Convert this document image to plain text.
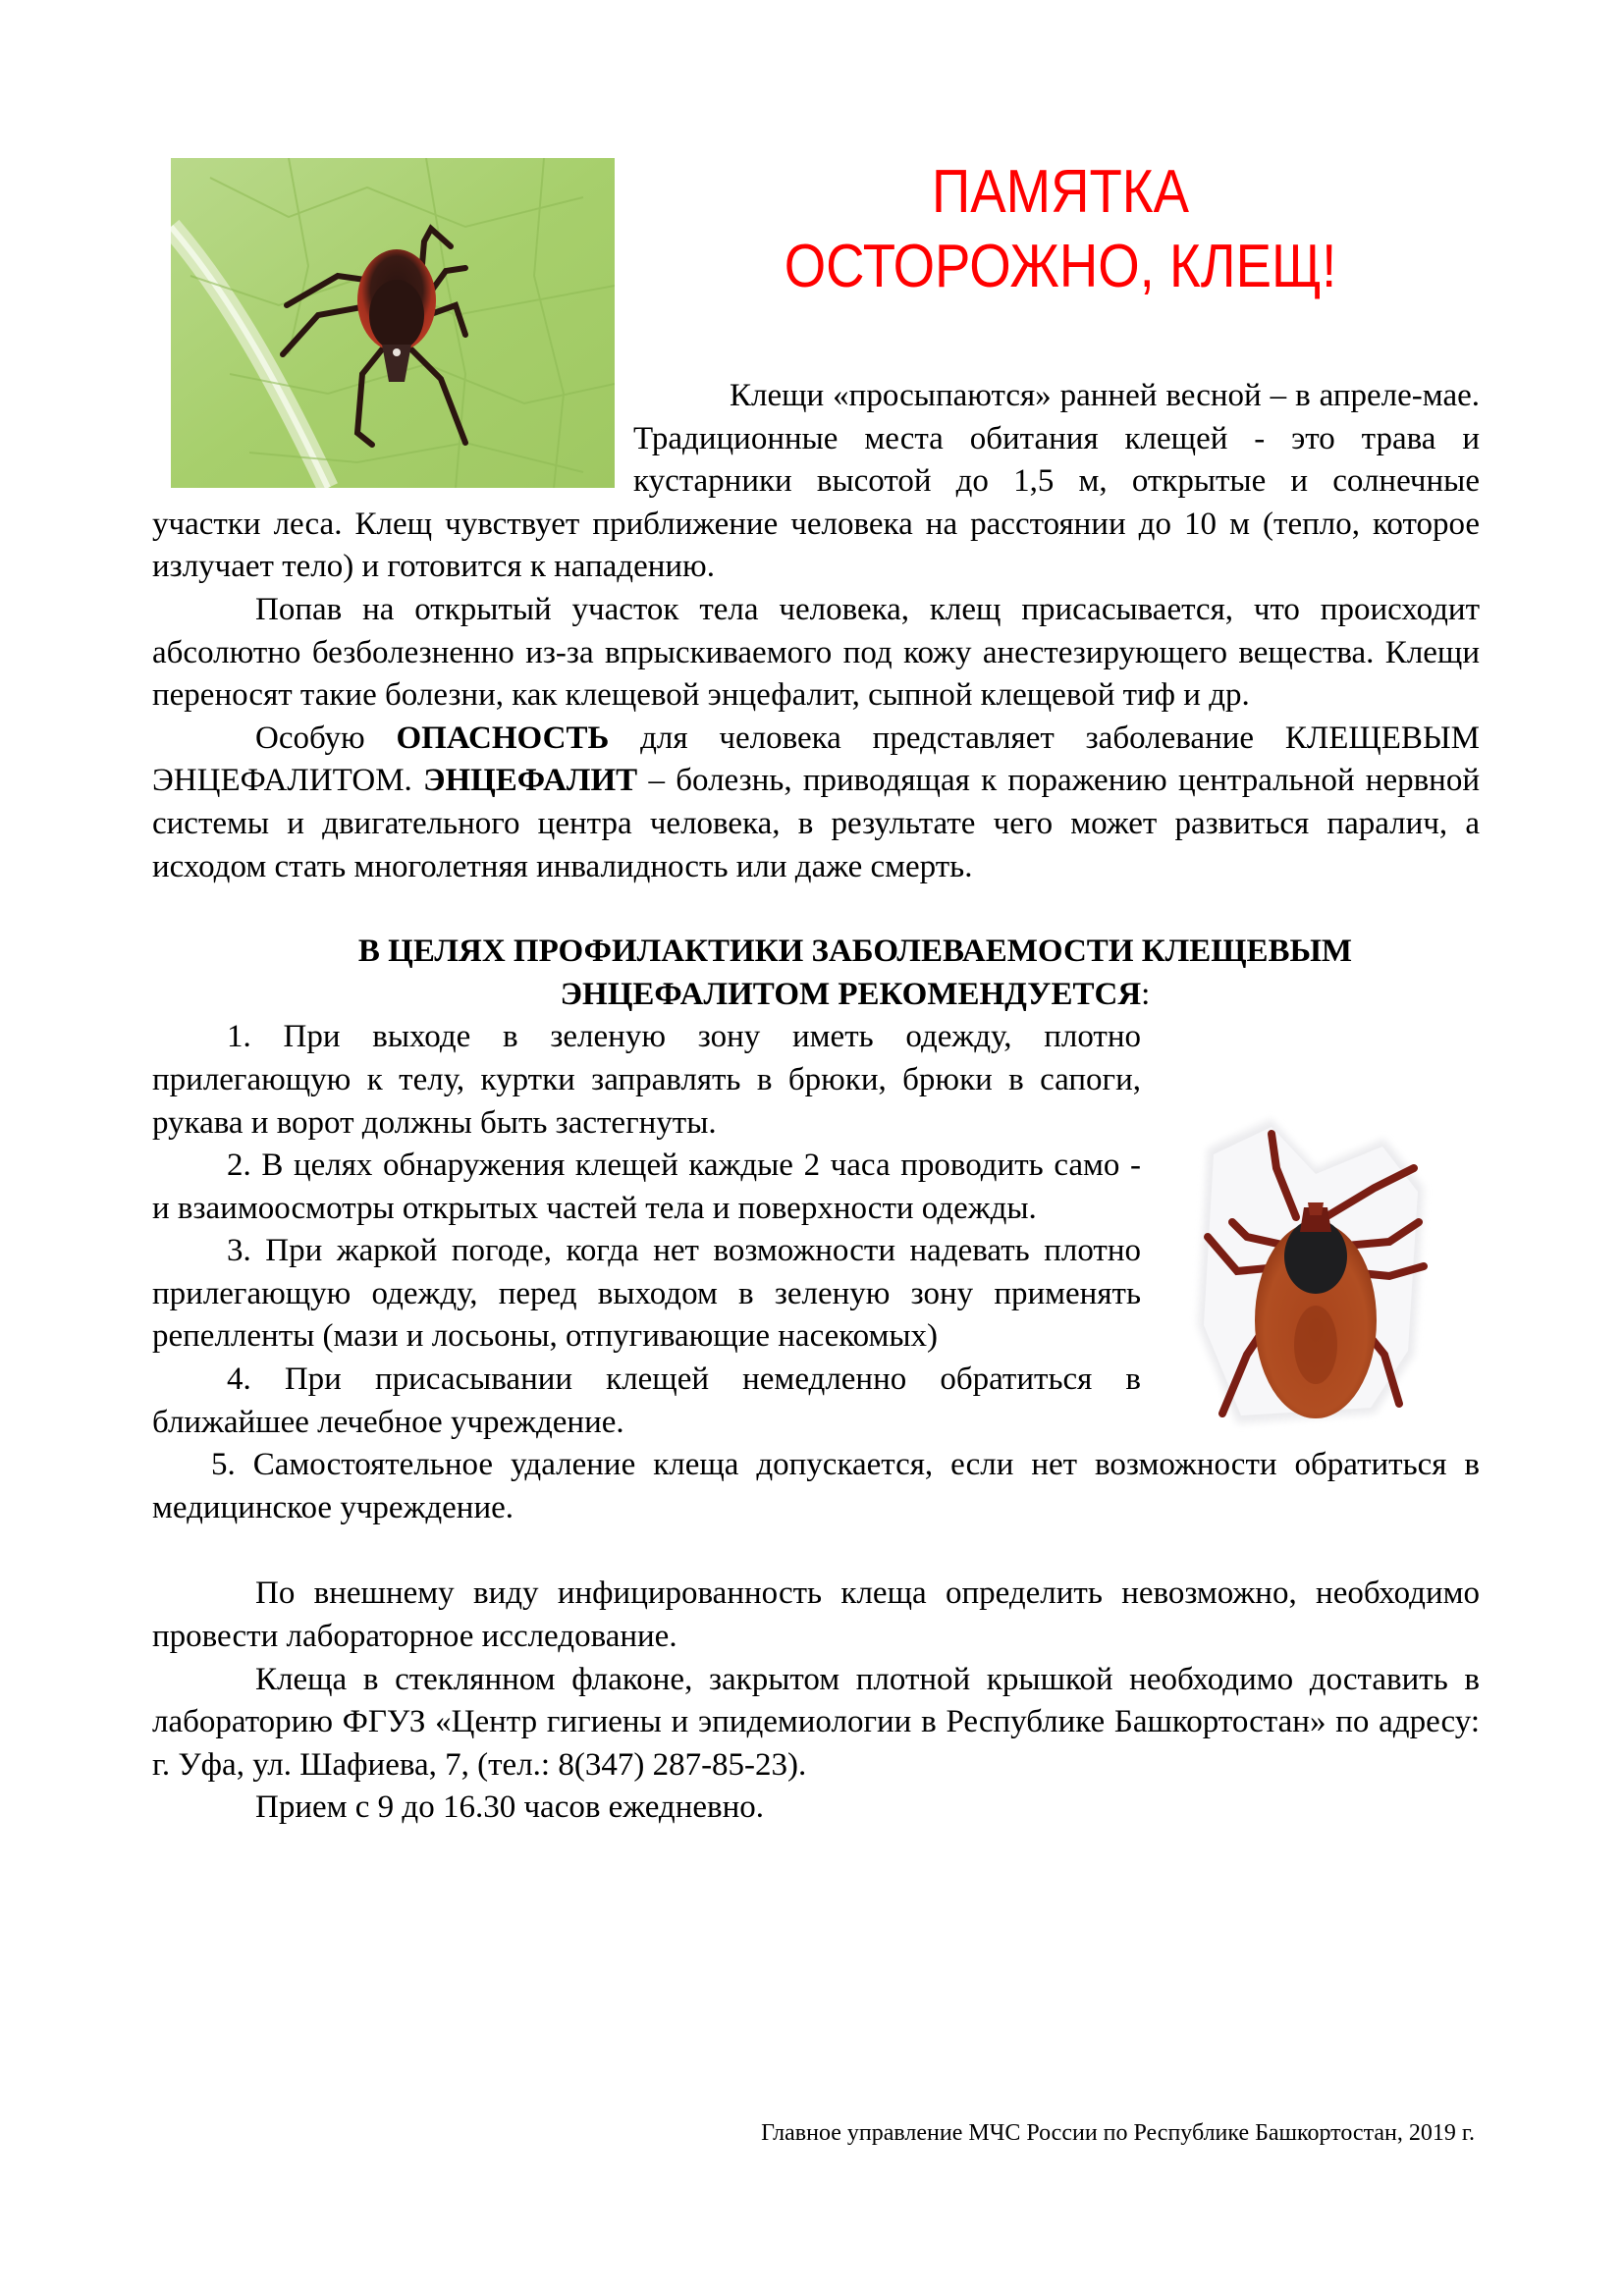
ПАМЯТКА
ОСТОРОЖНО, КЛЕЩ!

Клещи «просыпаются» ранней весной – в апреле-мае. Традиционные места обитания клещей - это трава и кустарники высотой до 1,5 м, открытые и солнечные участки леса. Клещ чувствует приближение человека на расстоянии до 10 м (тепло, которое излучает тело) и готовится к нападению.

Попав на открытый участок тела человека, клещ присасывается, что происходит абсолютно безболезненно из-за впрыскиваемого под кожу анестезирующего вещества. Клещи переносят такие болезни, как клещевой энцефалит, сыпной клещевой тиф и др.

Особую ОПАСНОСТЬ для человека представляет заболевание КЛЕЩЕВЫМ ЭНЦЕФАЛИТОМ. ЭНЦЕФАЛИТ – болезнь, приводящая к поражению центральной нервной системы и двигательного центра человека, в результате чего может развиться паралич, а исходом стать многолетняя инвалидность или даже смерть.

В ЦЕЛЯХ ПРОФИЛАКТИКИ ЗАБОЛЕВАЕМОСТИ КЛЕЩЕВЫМ ЭНЦЕФАЛИТОМ РЕКОМЕНДУЕТСЯ:

1. При выходе в зеленую зону иметь одежду, плотно прилегающую к телу, куртки заправлять в брюки, брюки в сапоги, рукава и ворот должны быть застегнуты.

2. В целях обнаружения клещей каждые 2 часа проводить само - и взаимоосмотры открытых частей тела и поверхности одежды.

3. При жаркой погоде, когда нет возможности надевать плотно прилегающую одежду, перед выходом в зеленую зону применять репелленты (мази и лосьоны, отпугивающие насекомых)

4. При присасывании клещей немедленно обратиться в ближайшее лечебное учреждение.

5. Самостоятельное удаление клеща допускается, если нет возможности обратиться в медицинское учреждение.

По внешнему виду инфицированность клеща определить невозможно, необходимо провести лабораторное исследование.

Клеща в стеклянном флаконе, закрытом плотной крышкой необходимо доставить в лабораторию ФГУЗ «Центр гигиены и эпидемиологии в Республике Башкортостан» по адресу: г. Уфа, ул. Шафиева, 7, (тел.: 8(347) 287-85-23).

Прием с 9 до 16.30 часов ежедневно.

Главное управление МЧС России по Республике Башкортостан, 2019 г.
